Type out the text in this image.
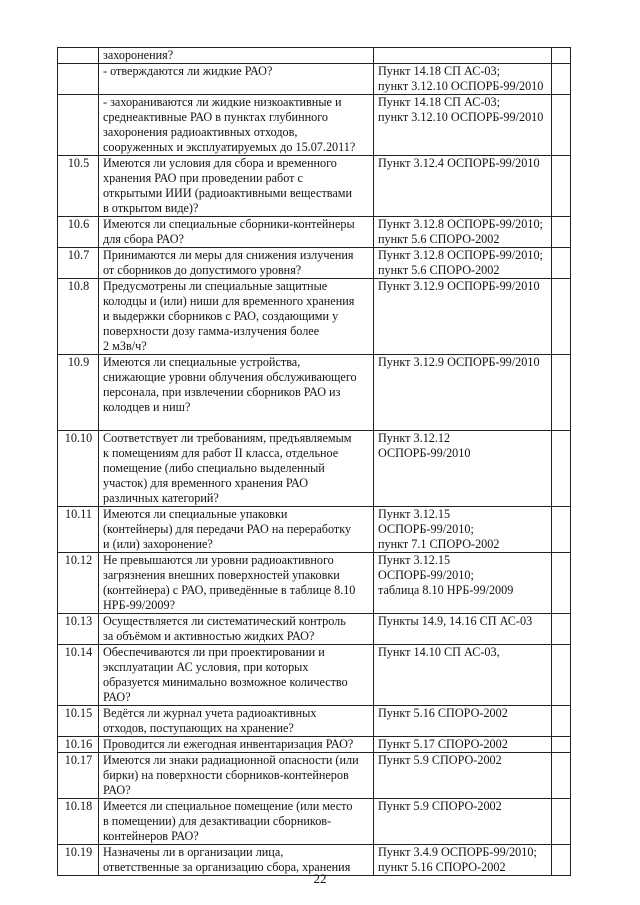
	захоронения?		
	- отверждаются ли жидкие РАО?	Пункт 14.18 СП АС-03;
пункт 3.12.10 ОСПОРБ-99/2010	
	- захораниваются ли жидкие низкоактивные и
среднеактивные РАО в пунктах глубинного
захоронения радиоактивных отходов,
сооруженных и эксплуатируемых до 15.07.2011?	Пункт 14.18 СП АС-03;
пункт 3.12.10 ОСПОРБ-99/2010	
10.5	Имеются ли условия для сбора и временного
хранения РАО при проведении работ с
открытыми ИИИ (радиоактивными веществами
в открытом виде)?	Пункт 3.12.4 ОСПОРБ-99/2010	
10.6	Имеются ли специальные сборники-контейнеры
для сбора РАО?	Пункт 3.12.8 ОСПОРБ-99/2010;
пункт 5.6 СПОРО-2002	
10.7	Принимаются ли меры для снижения излучения
от сборников до допустимого уровня?	Пункт 3.12.8 ОСПОРБ-99/2010;
пункт 5.6 СПОРО-2002	
10.8	Предусмотрены ли специальные защитные
колодцы и (или) ниши для временного хранения
и выдержки сборников с РАО, создающими у
поверхности дозу гамма-излучения более
2 мЗв/ч?	Пункт 3.12.9 ОСПОРБ-99/2010	
10.9	Имеются ли специальные устройства,
снижающие уровни облучения обслуживающего
персонала, при извлечении сборников РАО из
колодцев и ниш?	Пункт 3.12.9 ОСПОРБ-99/2010	
10.10	Соответствует ли требованиям, предъявляемым
к помещениям для работ II класса, отдельное
помещение (либо специально выделенный
участок) для временного хранения РАО
различных категорий?	Пункт 3.12.12
ОСПОРБ-99/2010	
10.11	Имеются ли специальные упаковки
(контейнеры) для передачи РАО на переработку
и (или) захоронение?	Пункт 3.12.15
ОСПОРБ-99/2010;
пункт 7.1 СПОРО-2002	
10.12	Не превышаются ли уровни радиоактивного
загрязнения внешних поверхностей упаковки
(контейнера) с РАО, приведённые в таблице 8.10
НРБ-99/2009?	Пункт 3.12.15
ОСПОРБ-99/2010;
таблица 8.10 НРБ-99/2009	
10.13	Осуществляется ли систематический контроль
за объёмом и активностью жидких РАО?	Пункты 14.9, 14.16 СП АС-03	
10.14	Обеспечиваются ли при проектировании и
эксплуатации АС условия, при которых
образуется минимально возможное количество
РАО?	Пункт 14.10 СП АС-03,	
10.15	Ведётся ли журнал учета радиоактивных
отходов, поступающих на хранение?	Пункт 5.16 СПОРО-2002	
10.16	Проводится ли ежегодная инвентаризация РАО?	Пункт 5.17 СПОРО-2002	
10.17	Имеются ли знаки радиационной опасности (или
бирки) на поверхности сборников-контейнеров
РАО?	Пункт 5.9 СПОРО-2002	
10.18	Имеется ли специальное помещение (или место
в помещении) для дезактивации сборников-
контейнеров РАО?	Пункт 5.9 СПОРО-2002	
10.19	Назначены ли в организации лица,
ответственные за организацию сбора, хранения	Пункт 3.4.9 ОСПОРБ-99/2010;
пункт 5.16 СПОРО-2002	
22
